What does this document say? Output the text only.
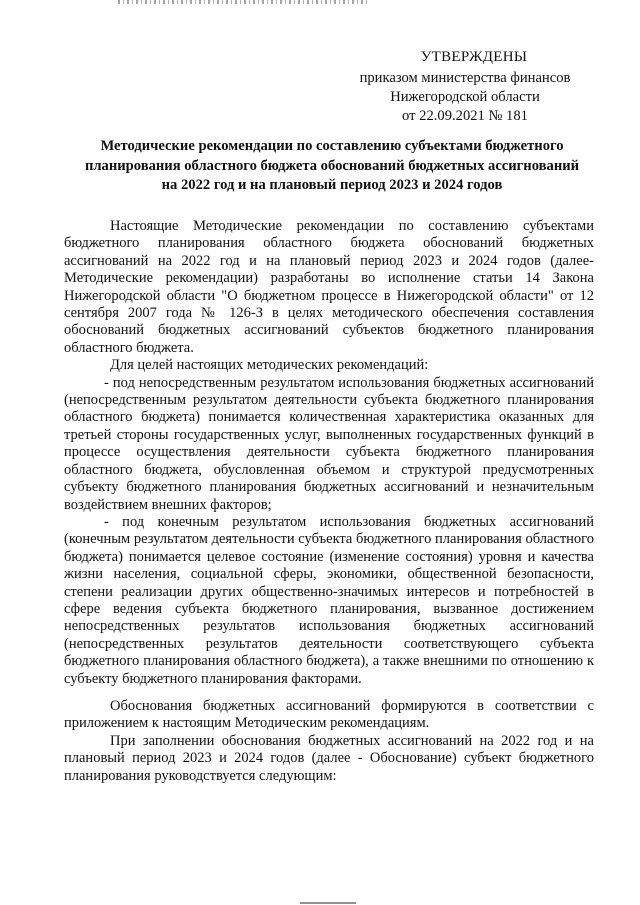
УТВЕРЖДЕНЫ
приказом министерства финансов
Нижегородской области
от 22.09.2021 № 181
Методические рекомендации по составлению субъектами бюджетного
планирования областного бюджета обоснований бюджетных ассигнований
на 2022 год и на плановый период 2023 и 2024 годов

Настоящие Методические рекомендации по составлению субъектами бюджетного планирования областного бюджета обоснований бюджетных ассигнований на 2022 год и на плановый период 2023 и 2024 годов (далее- Методические рекомендации) разработаны во исполнение статьи 14 Закона Нижегородской области "О бюджетном процессе в Нижегородской области" от 12 сентября 2007 года № 126-З в целях методического обеспечения составления обоснований бюджетных ассигнований субъектов бюджетного планирования областного бюджета.

Для целей настоящих методических рекомендаций:

- под непосредственным результатом использования бюджетных ассигнований (непосредственным результатом деятельности субъекта бюджетного планирования областного бюджета) понимается количественная характеристика оказанных для третьей стороны государственных услуг, выполненных государственных функций в процессе осуществления деятельности субъекта бюджетного планирования областного бюджета, обусловленная объемом и структурой предусмотренных субъекту бюджетного планирования бюджетных ассигнований и незначительным воздействием внешних факторов;

- под конечным результатом использования бюджетных ассигнований (конечным результатом деятельности субъекта бюджетного планирования областного бюджета) понимается целевое состояние (изменение состояния) уровня и качества жизни населения, социальной сферы, экономики, общественной безопасности, степени реализации других общественно-значимых интересов и потребностей в сфере ведения субъекта бюджетного планирования, вызванное достижением непосредственных результатов использования бюджетных ассигнований (непосредственных результатов деятельности соответствующего субъекта бюджетного планирования областного бюджета), а также внешними по отношению к субъекту бюджетного планирования факторами.

Обоснования бюджетных ассигнований формируются в соответствии с приложением к настоящим Методическим рекомендациям.

При заполнении обоснования бюджетных ассигнований на 2022 год и на плановый период 2023 и 2024 годов (далее - Обоснование) субъект бюджетного планирования руководствуется следующим:
